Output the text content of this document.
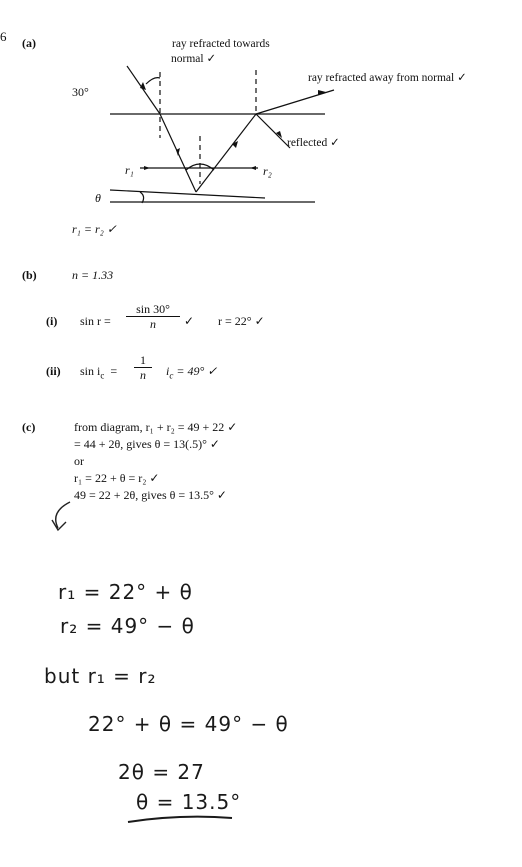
6 (a)	ray refracted towards
normal ✓
ray refracted away from normal ✓
reflected ✓
30°
r₁	r₂
θ
r₁ = r₂ ✓
(b)	n = 1.33
(i) $\sin r = \frac{\sin 30^\circ}{n}$ ✓ r = 22° ✓
(ii) $\sin i_c = \frac{1}{n} i_c = 49^\circ$ ✓
(c)	from diagram, r₁ + r₂ = 49 + 22 ✓
= 44 + 2θ, gives θ = 13(.5)° ✓
or
r₁ = 22 + θ = r₂ ✓
49 = 22 + 2θ, gives θ = 13.5° ✓
r₁ = 22° + θ
r₂ = 49° − θ
but r₁ = r₂
22° + θ = 49° − θ
2θ = 27
θ = 13.5°
